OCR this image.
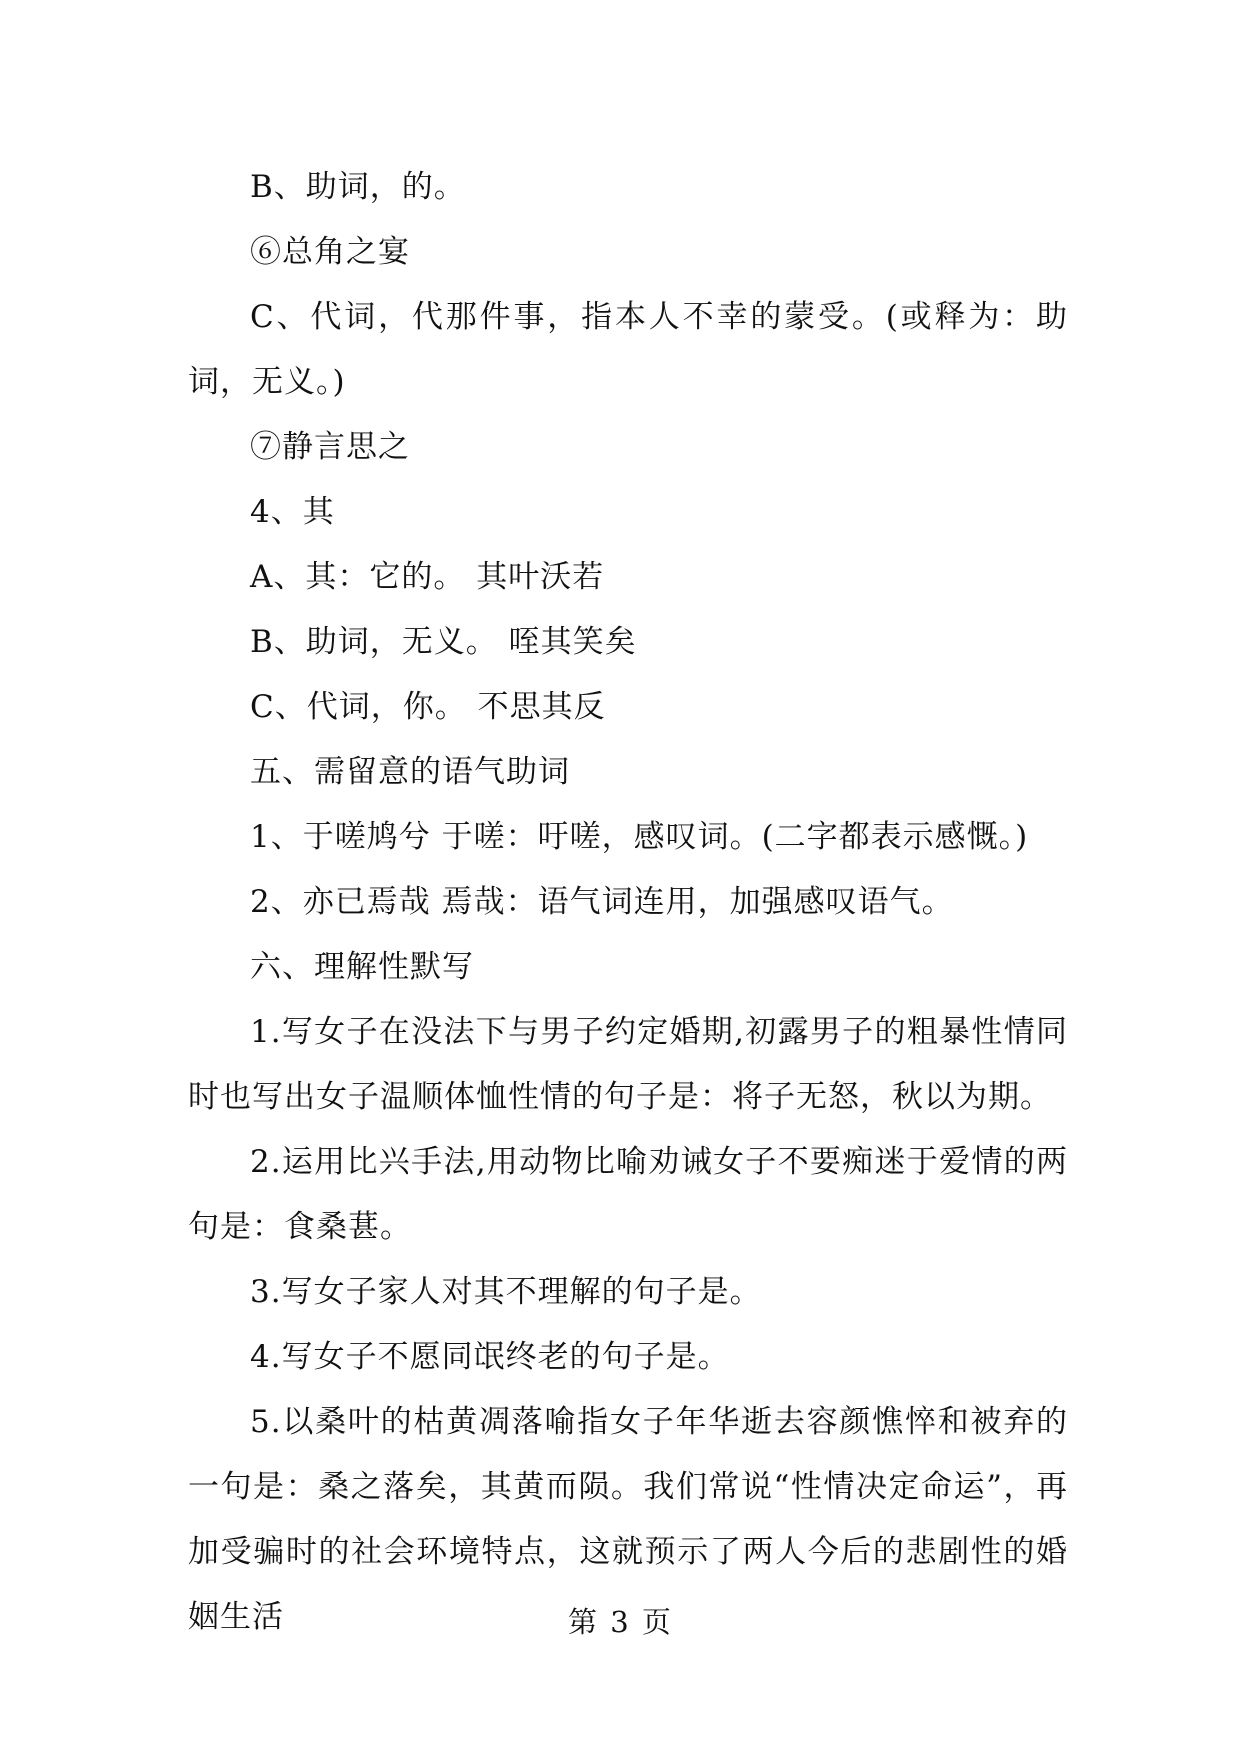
B、助词，的。

⑥总角之宴

C、代词，代那件事，指本人不幸的蒙受。(或释为：助词，无义。)

⑦静言思之

4、其

A、其：它的。 其叶沃若

B、助词，无义。 咥其笑矣

C、代词，你。 不思其反

五、需留意的语气助词

1、于嗟鸠兮 于嗟：吁嗟，感叹词。(二字都表示感慨。)

2、亦已焉哉 焉哉：语气词连用，加强感叹语气。

六、理解性默写

1.写女子在没法下与男子约定婚期,初露男子的粗暴性情同时也写出女子温顺体恤性情的句子是：将子无怒，秋以为期。

2.运用比兴手法,用动物比喻劝诫女子不要痴迷于爱情的两句是：食桑葚。

3.写女子家人对其不理解的句子是。

4.写女子不愿同氓终老的句子是。

5.以桑叶的枯黄凋落喻指女子年华逝去容颜憔悴和被弃的一句是：桑之落矣，其黄而陨。我们常说“性情决定命运”，再加受骗时的社会环境特点，这就预示了两人今后的悲剧性的婚姻生活	第 3 页
